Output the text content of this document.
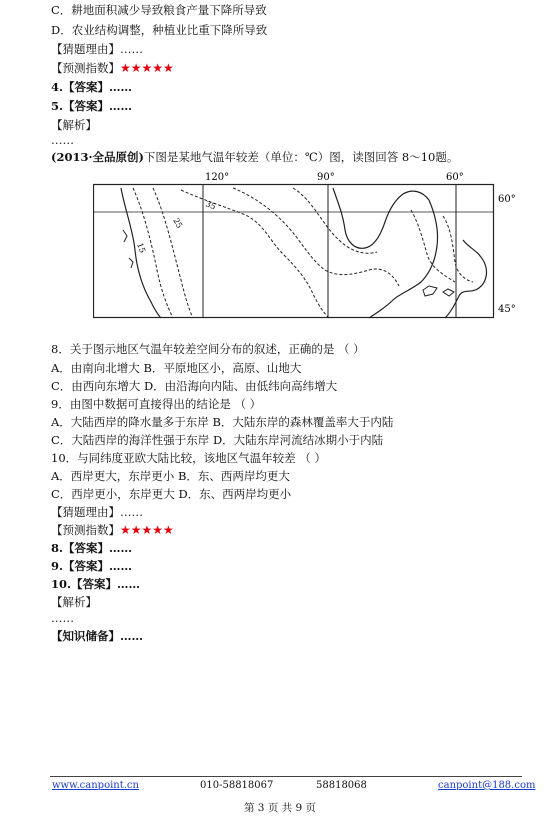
C．耕地面积减少导致粮食产量下降所导致
D．农业结构调整，种植业比重下降所导致
【猜题理由】……
【预测指数】★★★★★
4.【答案】……
5.【答案】……
【解析】
……
(2013·全品原创)下图是某地气温年较差（单位：℃）图，读图回答 8～10题。
120°	90°	60°
60°
45°
15
25
35
8．关于图示地区气温年较差空间分布的叙述，正确的是 （ ）
A．由南向北增大 B．平原地区小，高原、山地大
C．由西向东增大 D．由沿海向内陆、由低纬向高纬增大
9．由图中数据可直接得出的结论是 （ ）
A．大陆西岸的降水量多于东岸 B．大陆东岸的森林覆盖率大于内陆
C．大陆西岸的海洋性强于东岸 D．大陆东岸河流结冰期小于内陆
10．与同纬度亚欧大陆比较，该地区气温年较差 （ ）
A．西岸更大，东岸更小 B．东、西两岸均更大
C．西岸更小，东岸更大 D．东、西两岸均更小
【猜题理由】……
【预测指数】★★★★★
8.【答案】……
9.【答案】……
10.【答案】……
【解析】
……
【知识储备】……
www.canpoint.cn	010-58818067	58818068	canpoint@188.com
第 3 页 共 9 页
